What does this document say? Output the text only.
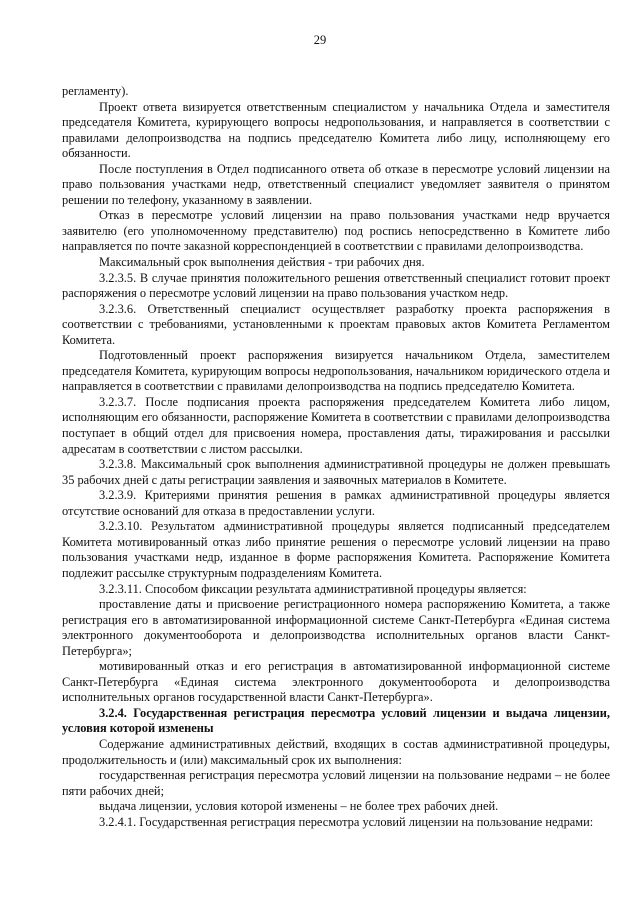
29

регламенту).

Проект ответа визируется ответственным специалистом у начальника Отдела и заместителя председателя Комитета, курирующего вопросы недропользования, и направляется в соответствии с правилами делопроизводства на подпись председателю Комитета либо лицу, исполняющему его обязанности.

После поступления в Отдел подписанного ответа об отказе в пересмотре условий лицензии на право пользования участками недр, ответственный специалист уведомляет заявителя о принятом решении по телефону, указанному в заявлении.

Отказ в пересмотре условий лицензии на право пользования участками недр вручается заявителю (его уполномоченному представителю) под роспись непосредственно в Комитете либо направляется по почте заказной корреспонденцией в соответствии с правилами делопроизводства.

Максимальный срок выполнения действия - три рабочих дня.

3.2.3.5. В случае принятия положительного решения ответственный специалист готовит проект распоряжения о пересмотре условий лицензии на право пользования участком недр.

3.2.3.6. Ответственный специалист осуществляет разработку проекта распоряжения в соответствии с требованиями, установленными к проектам правовых актов Комитета Регламентом Комитета.

Подготовленный проект распоряжения визируется начальником Отдела, заместителем председателя Комитета, курирующим вопросы недропользования, начальником юридического отдела и направляется в соответствии с правилами делопроизводства на подпись председателю Комитета.

3.2.3.7. После подписания проекта распоряжения председателем Комитета либо лицом, исполняющим его обязанности, распоряжение Комитета в соответствии с правилами делопроизводства поступает в общий отдел для присвоения номера, проставления даты, тиражирования и рассылки адресатам в соответствии с листом рассылки.

3.2.3.8. Максимальный срок выполнения административной процедуры не должен превышать 35 рабочих дней с даты регистрации заявления и заявочных материалов в Комитете.

3.2.3.9. Критериями принятия решения в рамках административной процедуры является отсутствие оснований для отказа в предоставлении услуги.

3.2.3.10. Результатом административной процедуры является подписанный председателем Комитета мотивированный отказ либо принятие решения о пересмотре условий лицензии на право пользования участками недр, изданное в форме распоряжения Комитета. Распоряжение Комитета подлежит рассылке структурным подразделениям Комитета.

3.2.3.11. Способом фиксации результата административной процедуры является:

проставление даты и присвоение регистрационного номера распоряжению Комитета, а также регистрация его в автоматизированной информационной системе Санкт-Петербурга «Единая система электронного документооборота и делопроизводства исполнительных органов власти Санкт-Петербурга»;

мотивированный отказ и его регистрация в автоматизированной информационной системе Санкт-Петербурга «Единая система электронного документооборота и делопроизводства исполнительных органов государственной власти Санкт-Петербурга».

3.2.4. Государственная регистрация пересмотра условий лицензии и выдача лицензии, условия которой изменены

Содержание административных действий, входящих в состав административной процедуры, продолжительность и (или) максимальный срок их выполнения:

государственная регистрация пересмотра условий лицензии на пользование недрами – не более пяти рабочих дней;

выдача лицензии, условия которой изменены – не более трех рабочих дней.

3.2.4.1. Государственная регистрация пересмотра условий лицензии на пользование недрами:
